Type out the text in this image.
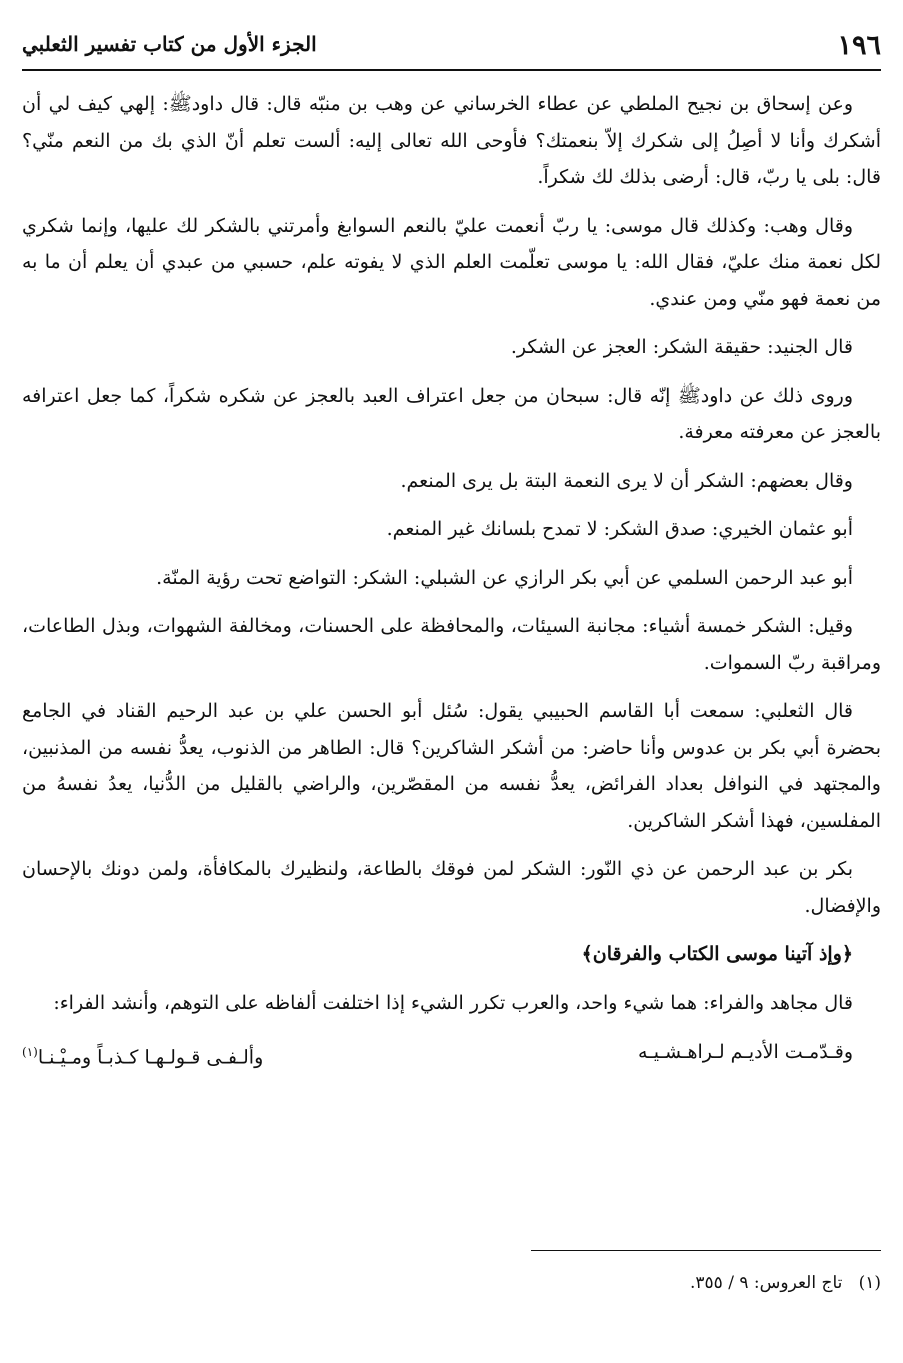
١٩٦
الجزء الأول من كتاب تفسير الثعلبي

وعن إسحاق بن نجيح الملطي عن عطاء الخرساني عن وهب بن منبّه قال: قال داودﷺ: إلهي كيف لي أن أشكرك وأنا لا أصِلُ إلى شكرك إلاّ بنعمتك؟ فأوحى الله تعالى إليه: ألست تعلم أنّ الذي بك من النعم منّي؟ قال: بلى يا ربّ، قال: أرضى بذلك لك شكراً.

وقال وهب: وكذلك قال موسى: يا ربّ أنعمت عليّ بالنعم السوابغ وأمرتني بالشكر لك عليها، وإنما شكري لكل نعمة منك عليّ، فقال الله: يا موسى تعلّمت العلم الذي لا يفوته علم، حسبي من عبدي أن يعلم أن ما به من نعمة فهو منّي ومن عندي.

قال الجنيد: حقيقة الشكر: العجز عن الشكر.

وروى ذلك عن داودﷺ إنّه قال: سبحان من جعل اعتراف العبد بالعجز عن شكره شكراً، كما جعل اعترافه بالعجز عن معرفته معرفة.

وقال بعضهم: الشكر أن لا يرى النعمة البتة بل يرى المنعم.

أبو عثمان الخيري: صدق الشكر: لا تمدح بلسانك غير المنعم.

أبو عبد الرحمن السلمي عن أبي بكر الرازي عن الشبلي: الشكر: التواضع تحت رؤية المنّة.

وقيل: الشكر خمسة أشياء: مجانبة السيئات، والمحافظة على الحسنات، ومخالفة الشهوات، وبذل الطاعات، ومراقبة ربّ السموات.

قال الثعلبي: سمعت أبا القاسم الحبيبي يقول: سُئل أبو الحسن علي بن عبد الرحيم القناد في الجامع بحضرة أبي بكر بن عدوس وأنا حاضر: من أشكر الشاكرين؟ قال: الطاهر من الذنوب، يعدُّ نفسه من المذنبين، والمجتهد في النوافل بعداد الفرائض، يعدُّ نفسه من المقصّرين، والراضي بالقليل من الدُّنيا، يعدُ نفسهُ من المفلسين، فهذا أشكر الشاكرين.

بكر بن عبد الرحمن عن ذي النّور: الشكر لمن فوقك بالطاعة، ولنظيرك بالمكافأة، ولمن دونك بالإحسان والإفضال.

﴿وإذ آتينا موسى الكتاب والفرقان﴾

قال مجاهد والفراء: هما شيء واحد، والعرب تكرر الشيء إذا اختلفت ألفاظه على التوهم، وأنشد الفراء:

وقـدّمـت الأديـم لـراهـشـيـه
وألـفـى قـولـهـا كـذبـاً ومـيْـنـا$^{(١)}$
(١)   تاج العروس: ٩ / ٣٥٥.
